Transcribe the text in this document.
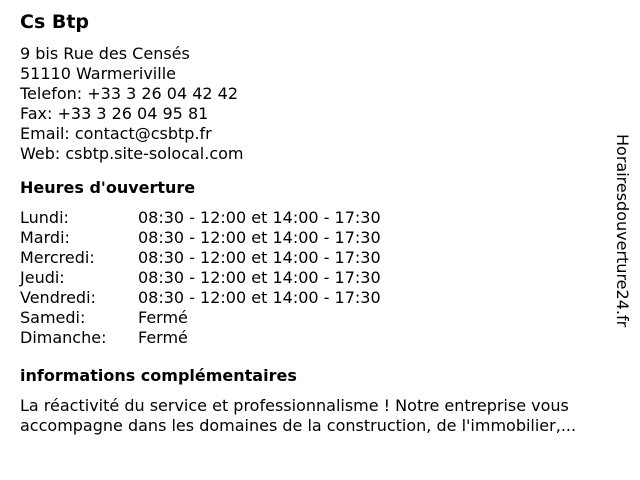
Cs Btp
9 bis Rue des Censés
51110 Warmeriville
Telefon: +33 3 26 04 42 42
Fax: +33 3 26 04 95 81
Email: contact@csbtp.fr
Web: csbtp.site-solocal.com
Heures d'ouverture
Lundi:	08:30 - 12:00 et 14:00 - 17:30
Mardi:	08:30 - 12:00 et 14:00 - 17:30
Mercredi:	08:30 - 12:00 et 14:00 - 17:30
Jeudi:	08:30 - 12:00 et 14:00 - 17:30
Vendredi:	08:30 - 12:00 et 14:00 - 17:30
Samedi:	Fermé
Dimanche:	Fermé
informations complémentaires
La réactivité du service et professionnalisme ! Notre entreprise vous accompagne dans les domaines de la construction, de l'immobilier,...
Horairesdouverture24.fr
